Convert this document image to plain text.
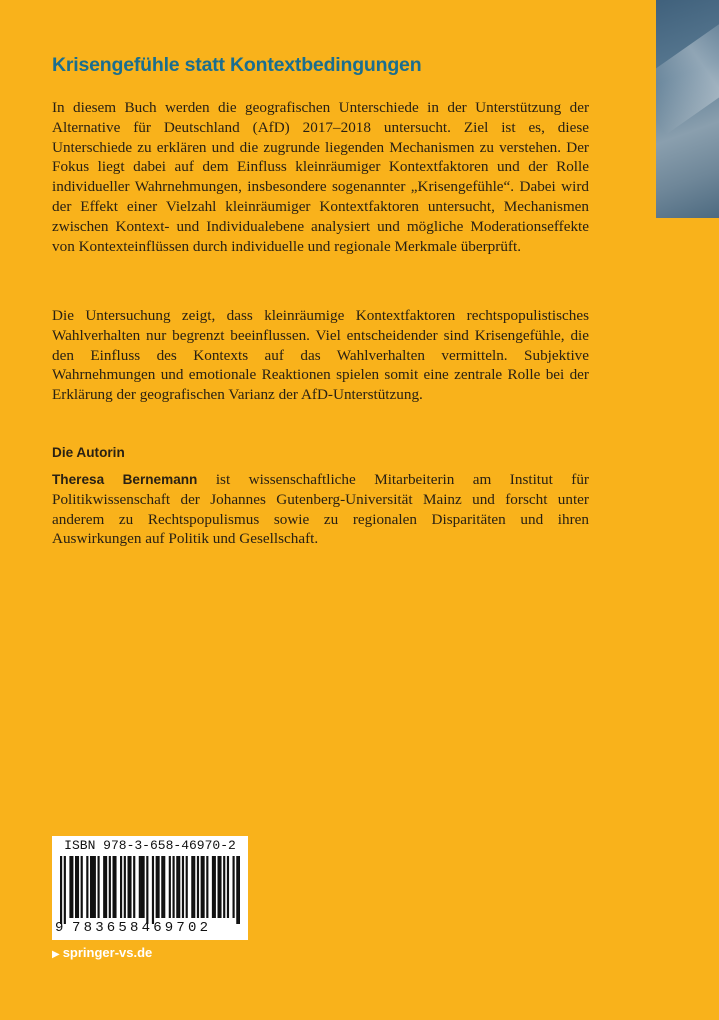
Krisengefühle statt Kontextbedingungen

In diesem Buch werden die geografischen Unterschiede in der Unterstützung der Alternative für Deutschland (AfD) 2017–2018 untersucht. Ziel ist es, diese Unterschiede zu erklären und die zugrunde liegenden Mechanismen zu verstehen. Der Fokus liegt dabei auf dem Einfluss kleinräumiger Kontextfaktoren und der Rolle individueller Wahrnehmungen, insbesondere sogenannter „Krisengefühle“. Dabei wird der Effekt einer Vielzahl kleinräumiger Kontextfaktoren untersucht, Mechanismen zwischen Kontext- und Individualebene analysiert und mögliche Moderationseffekte von Kontexteinflüssen durch individuelle und regionale Merkmale überprüft.

Die Untersuchung zeigt, dass kleinräumige Kontextfaktoren rechtspopulistisches Wahlverhalten nur begrenzt beeinflussen. Viel entscheidender sind Krisengefühle, die den Einfluss des Kontexts auf das Wahlverhalten vermitteln. Subjektive Wahrnehmungen und emotionale Reaktionen spielen somit eine zentrale Rolle bei der Erklärung der geografischen Varianz der AfD-Unterstützung.

Die Autorin

Theresa Bernemann ist wissenschaftliche Mitarbeiterin am Institut für Politikwissenschaft der Johannes Gutenberg-Universität Mainz und forscht unter anderem zu Rechtspopulismus sowie zu regionalen Disparitäten und ihren Auswirkungen auf Politik und Gesellschaft.

ISBN 978-3-658-46970-2
9 783658469702
▶ springer-vs.de
